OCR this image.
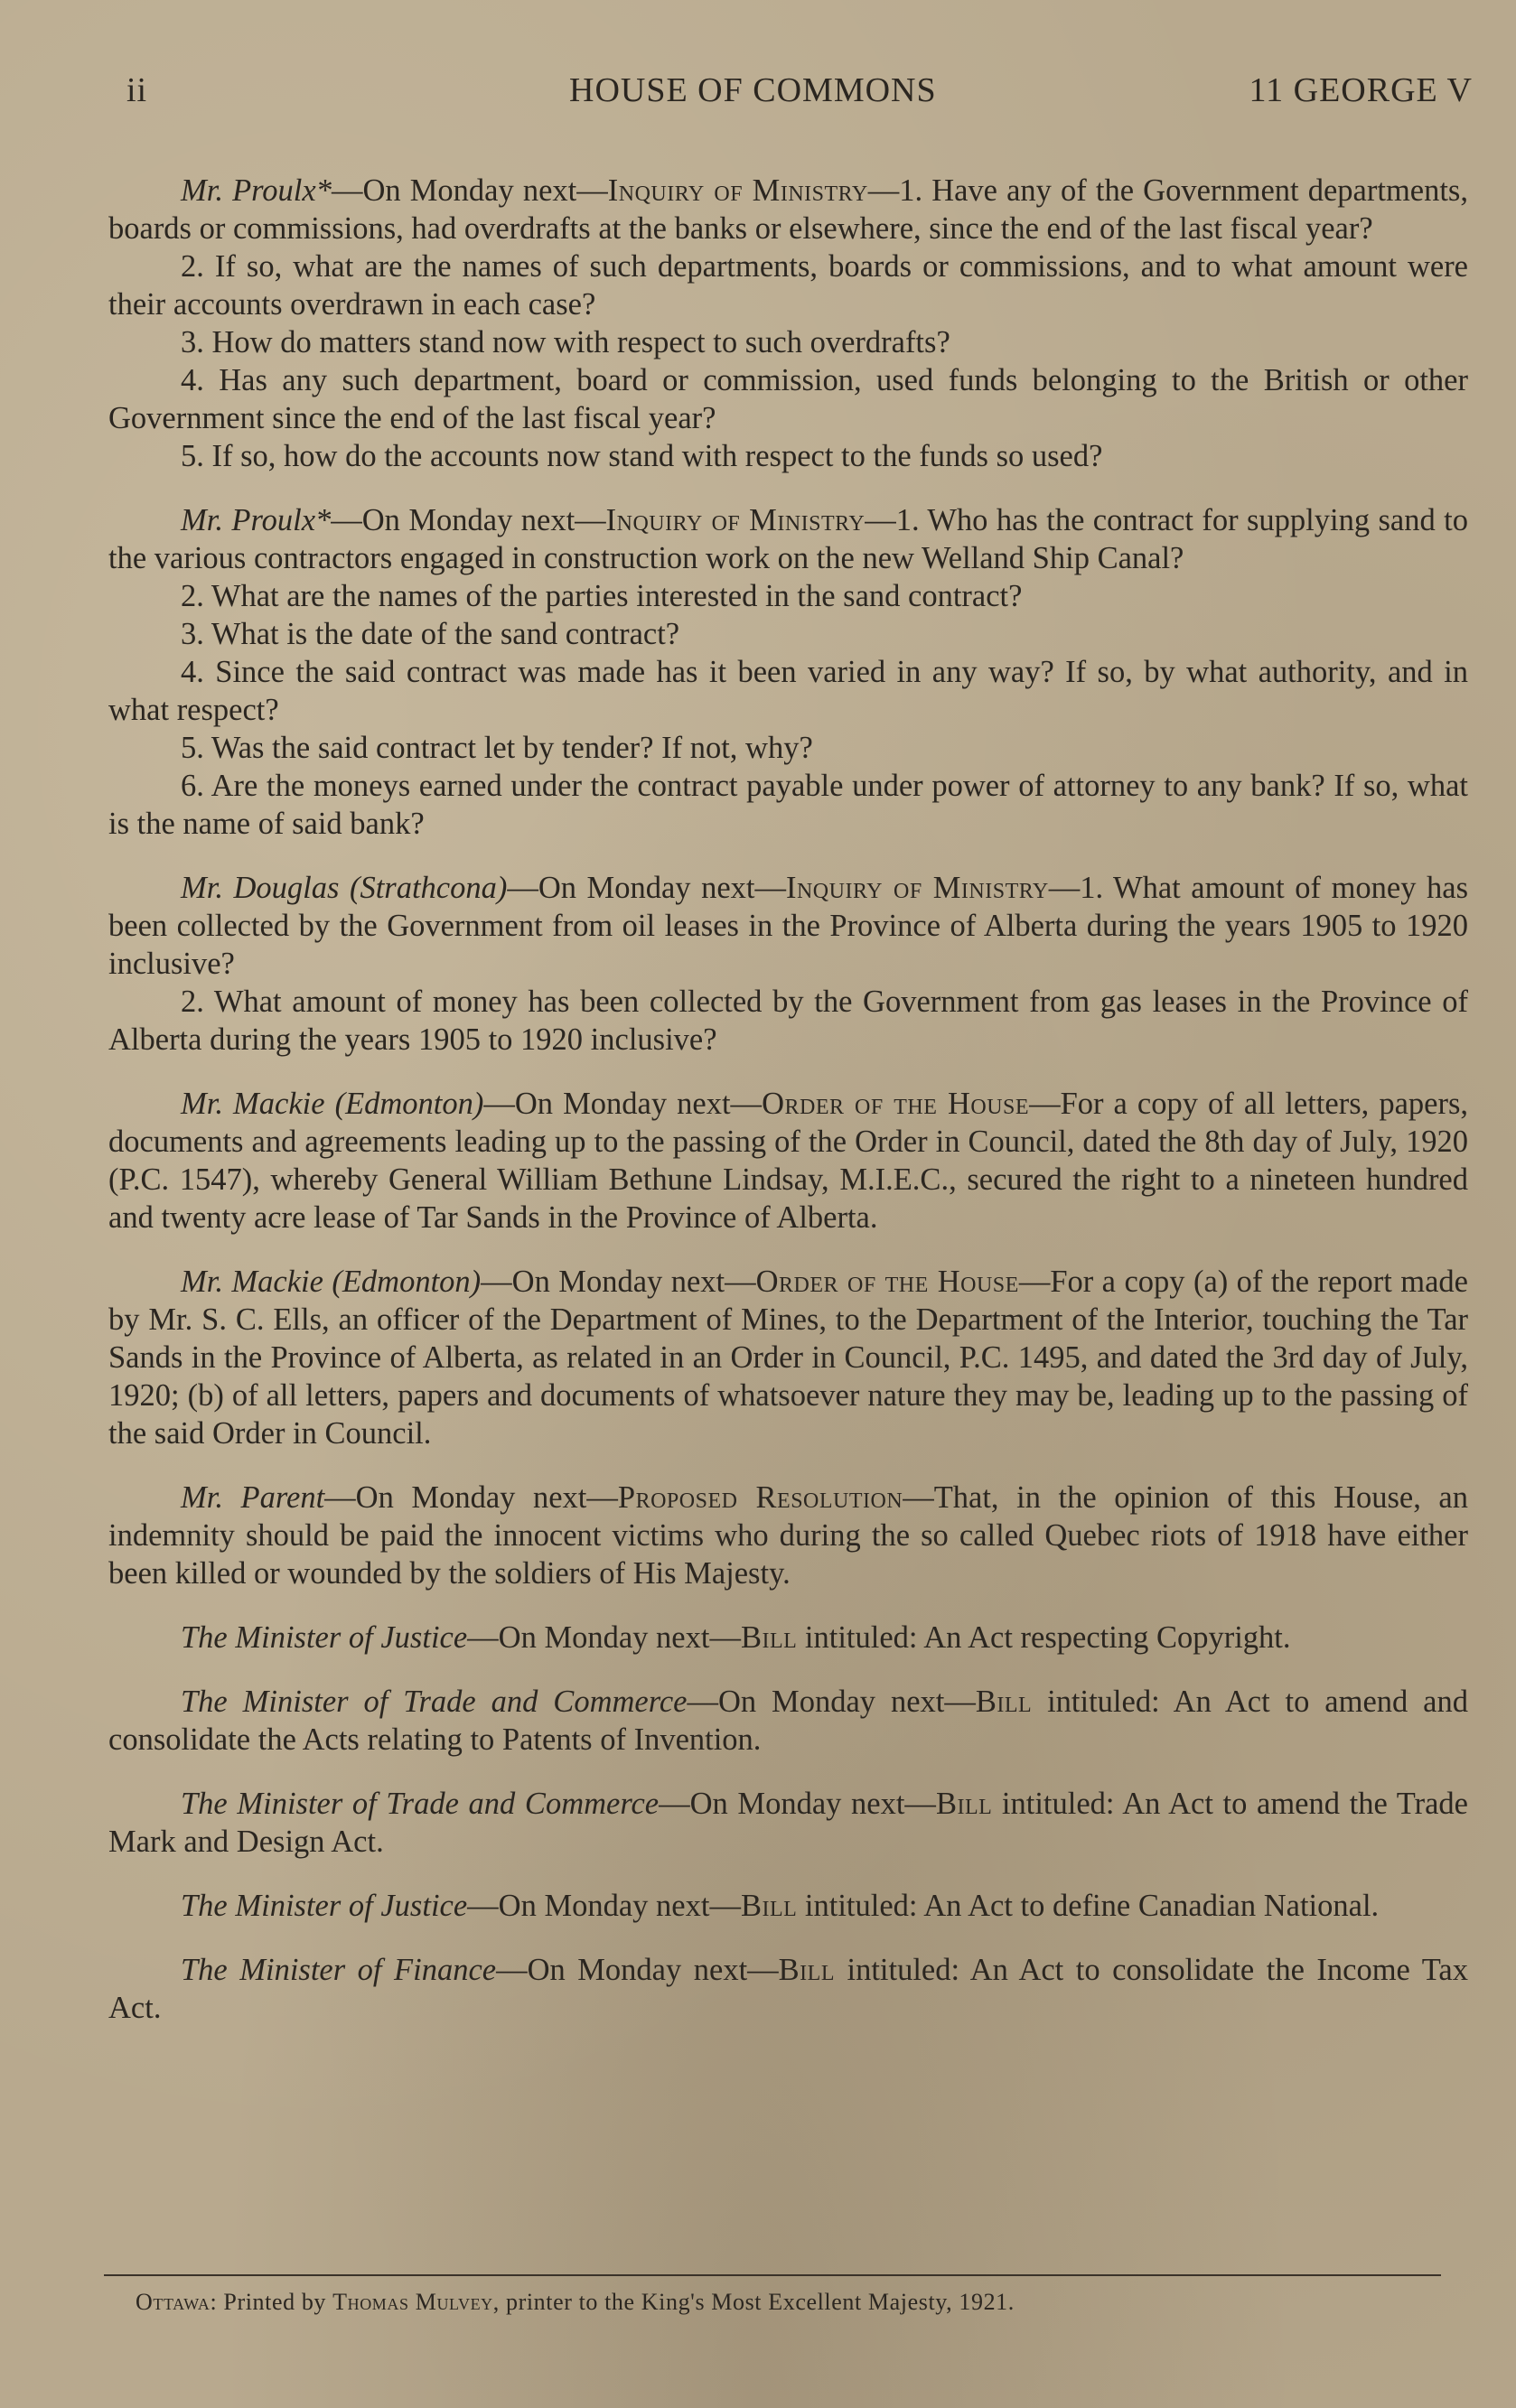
ii	HOUSE OF COMMONS	11 GEORGE V

Mr. Proulx*—On Monday next—Inquiry of Ministry—1. Have any of the Government departments, boards or commissions, had overdrafts at the banks or elsewhere, since the end of the last fiscal year?

2. If so, what are the names of such departments, boards or commissions, and to what amount were their accounts overdrawn in each case?

3. How do matters stand now with respect to such overdrafts?

4. Has any such department, board or commission, used funds belonging to the British or other Government since the end of the last fiscal year?

5. If so, how do the accounts now stand with respect to the funds so used?

Mr. Proulx*—On Monday next—Inquiry of Ministry—1. Who has the contract for supplying sand to the various contractors engaged in construction work on the new Welland Ship Canal?

2. What are the names of the parties interested in the sand contract?

3. What is the date of the sand contract?

4. Since the said contract was made has it been varied in any way? If so, by what authority, and in what respect?

5. Was the said contract let by tender? If not, why?

6. Are the moneys earned under the contract payable under power of attorney to any bank? If so, what is the name of said bank?

Mr. Douglas (Strathcona)—On Monday next—Inquiry of Ministry—1. What amount of money has been collected by the Government from oil leases in the Province of Alberta during the years 1905 to 1920 inclusive?

2. What amount of money has been collected by the Government from gas leases in the Province of Alberta during the years 1905 to 1920 inclusive?

Mr. Mackie (Edmonton)—On Monday next—Order of the House—For a copy of all letters, papers, documents and agreements leading up to the passing of the Order in Council, dated the 8th day of July, 1920 (P.C. 1547), whereby General William Bethune Lindsay, M.I.E.C., secured the right to a nineteen hundred and twenty acre lease of Tar Sands in the Province of Alberta.

Mr. Mackie (Edmonton)—On Monday next—Order of the House—For a copy (a) of the report made by Mr. S. C. Ells, an officer of the Department of Mines, to the Department of the Interior, touching the Tar Sands in the Province of Alberta, as related in an Order in Council, P.C. 1495, and dated the 3rd day of July, 1920; (b) of all letters, papers and documents of whatsoever nature they may be, leading up to the passing of the said Order in Council.

Mr. Parent—On Monday next—Proposed Resolution—That, in the opinion of this House, an indemnity should be paid the innocent victims who during the so called Quebec riots of 1918 have either been killed or wounded by the soldiers of His Majesty.

The Minister of Justice—On Monday next—Bill intituled: An Act respecting Copyright.

The Minister of Trade and Commerce—On Monday next—Bill intituled: An Act to amend and consolidate the Acts relating to Patents of Invention.

The Minister of Trade and Commerce—On Monday next—Bill intituled: An Act to amend the Trade Mark and Design Act.

The Minister of Justice—On Monday next—Bill intituled: An Act to define Canadian National.

The Minister of Finance—On Monday next—Bill intituled: An Act to consolidate the Income Tax Act.

Ottawa: Printed by Thomas Mulvey, printer to the King's Most Excellent Majesty, 1921.
